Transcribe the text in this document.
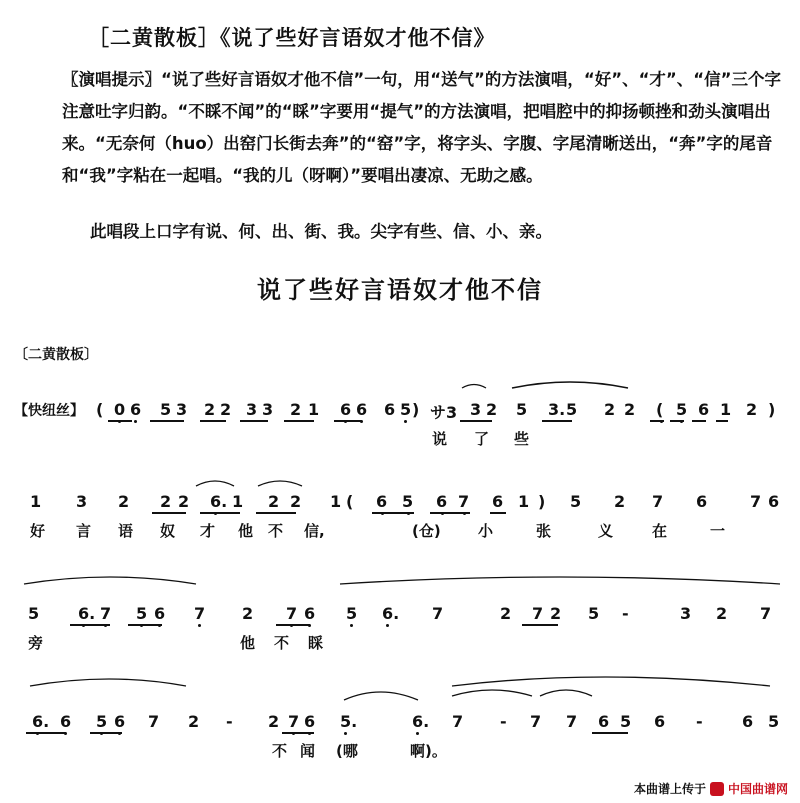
［二黄散板］《说了些好言语奴才他不信》
〖演唱提示〗“说了些好言语奴才他不信”一句，用“送气”的方法演唱，“好”、“才”、“信”三个字注意吐字归韵。“不睬不闻”的“睬”字要用“提气”的方法演唱，把唱腔中的抑扬顿挫和劲头演唱出来。“无奈何（huo）出窑门长街去奔”的“窑”字，将字头、字腹、字尾清晰送出，“奔”字的尾音和“我”字粘在一起唱。“我的儿（呀啊）”要唱出凄凉、无助之感。
此唱段上口字有说、何、出、街、我。尖字有些、信、小、亲。
说了些好言语奴才他不信
〔二黄散板〕
【快纽丝】 ( 0 6 5 3 2 2 3 3 2 1 6 6 6 5 ) サ3 3 2 5 3. 5 2 2 ( 5 6 1 2 )
说 了 些
1 3 2 2 2 6. 1 2 2 1 ( 6 5 6 7 6 1 ) 5 2 7 6	7 6
好 言 语 奴 才 他 不 信,	(仓) 小	张	义	在	一
5 6. 7 5 6 7 2 7 6 5 6. 7	2 7 2 5 -	3 2 7
旁	他 不 睬
6. 6 5 6 7 2 - 2 7 6 5.	6. 7 - 7 7 6 5 6 - 6 5
不 闻 (哪	啊)。
本曲谱上传于 中国曲谱网
